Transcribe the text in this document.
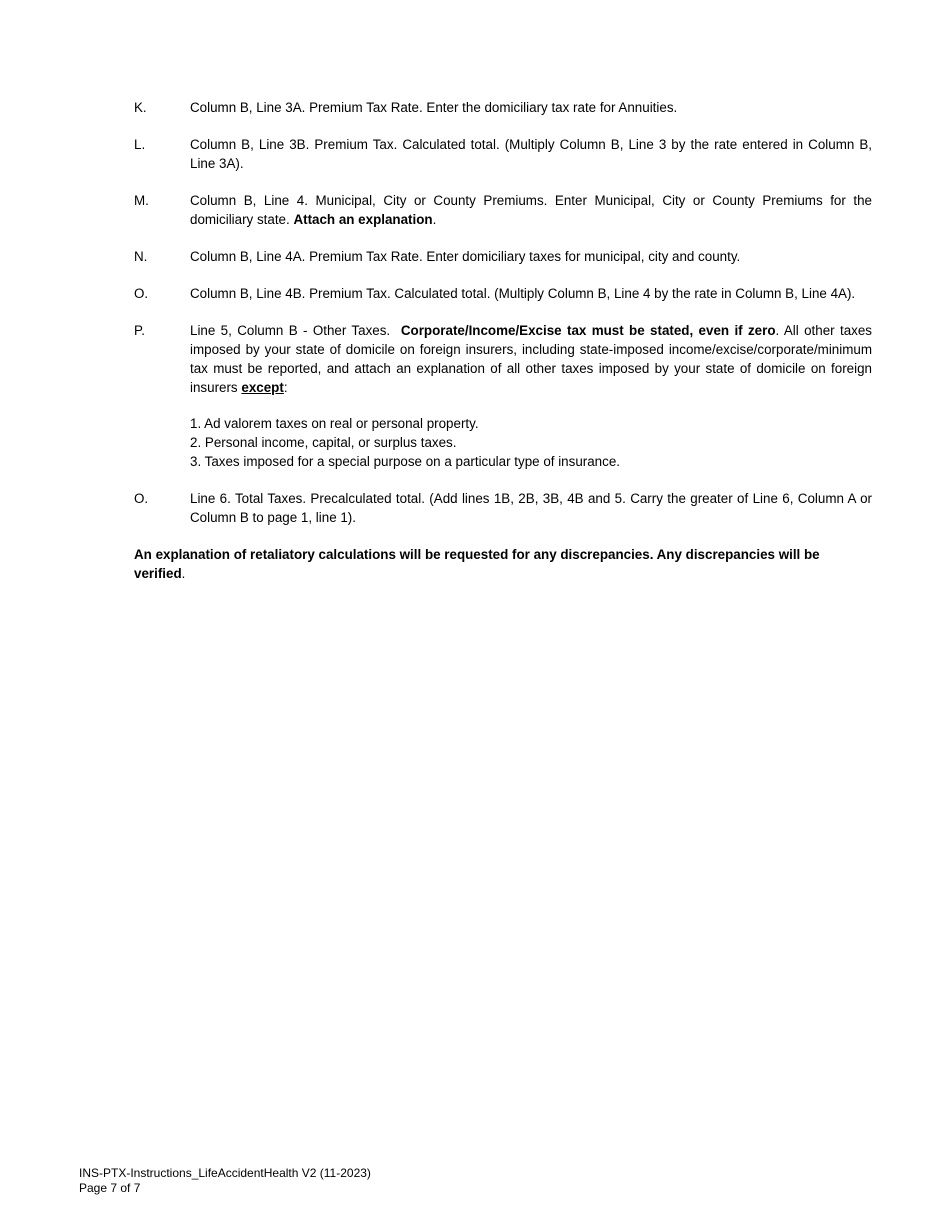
K.	Column B, Line 3A. Premium Tax Rate. Enter the domiciliary tax rate for Annuities.
L.	Column B, Line 3B. Premium Tax. Calculated total. (Multiply Column B, Line 3 by the rate entered in Column B, Line 3A).
M.	Column B, Line 4. Municipal, City or County Premiums. Enter Municipal, City or County Premiums for the domiciliary state. Attach an explanation.
N.	Column B, Line 4A. Premium Tax Rate. Enter domiciliary taxes for municipal, city and county.
O.	Column B, Line 4B. Premium Tax. Calculated total. (Multiply Column B, Line 4 by the rate in Column B, Line 4A).
P.	Line 5, Column B - Other Taxes. Corporate/Income/Excise tax must be stated, even if zero. All other taxes imposed by your state of domicile on foreign insurers, including state-imposed income/excise/corporate/minimum tax must be reported, and attach an explanation of all other taxes imposed by your state of domicile on foreign insurers except:
1. Ad valorem taxes on real or personal property.
2. Personal income, capital, or surplus taxes.
3. Taxes imposed for a special purpose on a particular type of insurance.
O.	Line 6. Total Taxes. Precalculated total. (Add lines 1B, 2B, 3B, 4B and 5. Carry the greater of Line 6, Column A or Column B to page 1, line 1).
An explanation of retaliatory calculations will be requested for any discrepancies. Any discrepancies will be verified.
INS-PTX-Instructions_LifeAccidentHealth V2 (11-2023)
Page 7 of 7
